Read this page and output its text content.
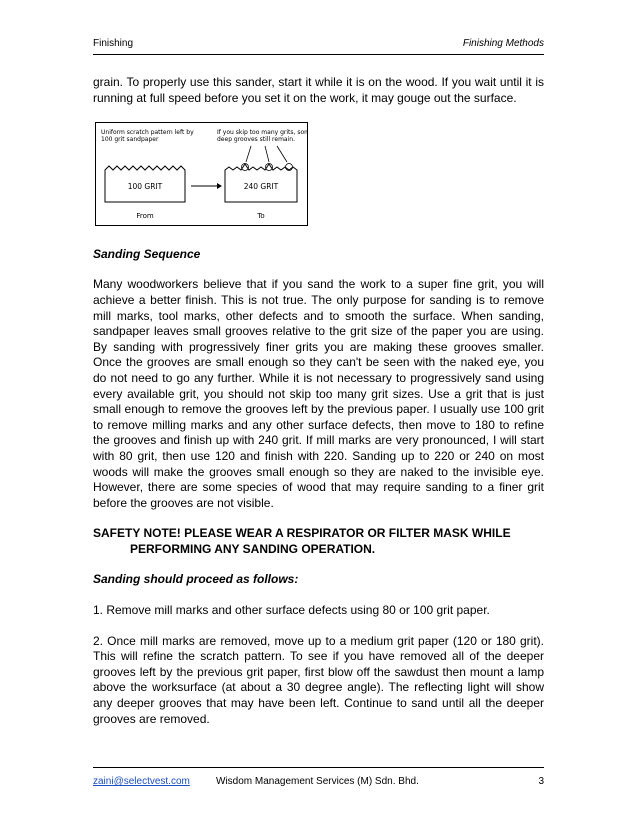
Finishing	Finishing Methods

grain. To properly use this sander, start it while it is on the wood. If you wait until it is running at full speed before you set it on the work, it may gouge out the surface.

Uniform scratch pattern left by
100 grit sandpaper
If you skip too many grits, some
deep grooves still remain.
100 GRIT	240 GRIT
From	To

Sanding Sequence

Many woodworkers believe that if you sand the work to a super fine grit, you will achieve a better finish. This is not true. The only purpose for sanding is to remove mill marks, tool marks, other defects and to smooth the surface. When sanding, sandpaper leaves small grooves relative to the grit size of the paper you are using. By sanding with progressively finer grits you are making these grooves smaller. Once the grooves are small enough so they can't be seen with the naked eye, you do not need to go any further. While it is not necessary to progressively sand using every available grit, you should not skip too many grit sizes. Use a grit that is just small enough to remove the grooves left by the previous paper. I usually use 100 grit to remove milling marks and any other surface defects, then move to 180 to refine the grooves and finish up with 240 grit. If mill marks are very pronounced, I will start with 80 grit, then use 120 and finish with 220. Sanding up to 220 or 240 on most woods will make the grooves small enough so they are naked to the invisible eye. However, there are some species of wood that may require sanding to a finer grit before the grooves are not visible.

SAFETY NOTE! PLEASE WEAR A RESPIRATOR OR FILTER MASK WHILE
PERFORMING ANY SANDING OPERATION.

Sanding should proceed as follows:

1. Remove mill marks and other surface defects using 80 or 100 grit paper.

2. Once mill marks are removed, move up to a medium grit paper (120 or 180 grit). This will refine the scratch pattern. To see if you have removed all of the deeper grooves left by the previous grit paper, first blow off the sawdust then mount a lamp above the worksurface (at about a 30 degree angle). The reflecting light will show any deeper grooves that may have been left. Continue to sand until all the deeper grooves are removed.

zaini@selectvest.com	Wisdom Management Services (M) Sdn. Bhd.	3
